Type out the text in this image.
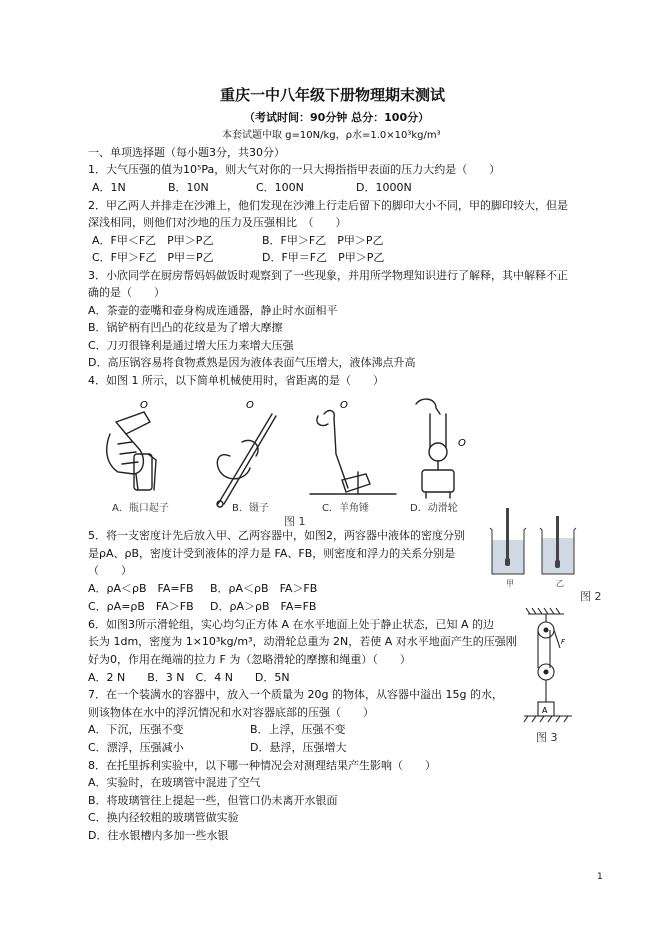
重庆一中八年级下册物理期末测试
（考试时间：90分钟 总分：100分）
本套试题中取 g=10N/kg，ρ水=1.0×10³kg/m³
一、单项选择题（每小题3分，共30分）
1．大气压强的值为10⁵Pa，则大气对你的一只大拇指指甲表面的压力大约是（　　）
A．1N	B．10N	C．100N	D．1000N
2．甲乙两人并排走在沙滩上，他们发现在沙滩上行走后留下的脚印大小不同，甲的脚印较大，但是
深浅相同，则他们对沙地的压力及压强相比　（　　）
A．F甲＜F乙　P甲＞P乙	B．F甲＞F乙　P甲＞P乙
C．F甲＞F乙　P甲＝P乙	D．F甲＝F乙　P甲＞P乙
3．小欣同学在厨房帮妈妈做饭时观察到了一些现象，并用所学物理知识进行了解释，其中解释不正
确的是（　　）
A．茶壶的壶嘴和壶身构成连通器，静止时水面相平
B．锅铲柄有凹凸的花纹是为了增大摩擦
C．刀刃很锋利是通过增大压力来增大压强
D．高压锅容易将食物煮熟是因为液体表面气压增大，液体沸点升高
4．如图 1 所示，以下简单机械使用时，省距离的是（　　）
O	O	O
O
A．瓶口起子	B．镊子	C．羊角锤	D．动滑轮
图 1
5．将一支密度计先后放入甲、乙两容器中，如图2，两容器中液体的密度分别
是ρA、ρB，密度计受到液体的浮力是 FA、FB，则密度和浮力的关系分别是
（　　）
A．ρA＜ρB　FA=FB B．ρA＜ρB　FA＞FB
C．ρA=ρB　FA＞FB D．ρA＞ρB　FA=FB
甲	乙
图 2
6．如图3所示滑轮组，实心均匀正方体 A 在水平地面上处于静止状态，已知 A 的边
长为 1dm，密度为 1×10³kg/m³，动滑轮总重为 2N，若使 A 对水平地面产生的压强刚
好为0，作用在绳端的拉力 F 为（忽略滑轮的摩擦和绳重）（　　）
A．2 N　　B．3 N　C．4 N　　D．5N
A
F
图 3
7．在一个装满水的容器中，放入一个质量为 20g 的物体，从容器中溢出 15g 的水，
则该物体在水中的浮沉情况和水对容器底部的压强（　　）
A．下沉，压强不变	B．上浮，压强不变
C．漂浮，压强减小	D．悬浮，压强增大
8．在托里拆利实验中，以下哪一种情况会对测理结果产生影响（　　）
A．实验时，在玻璃管中混进了空气
B．将玻璃管往上提起一些，但管口仍未离开水银面
C．换内径较粗的玻璃管做实验
D．往水银槽内多加一些水银
1
